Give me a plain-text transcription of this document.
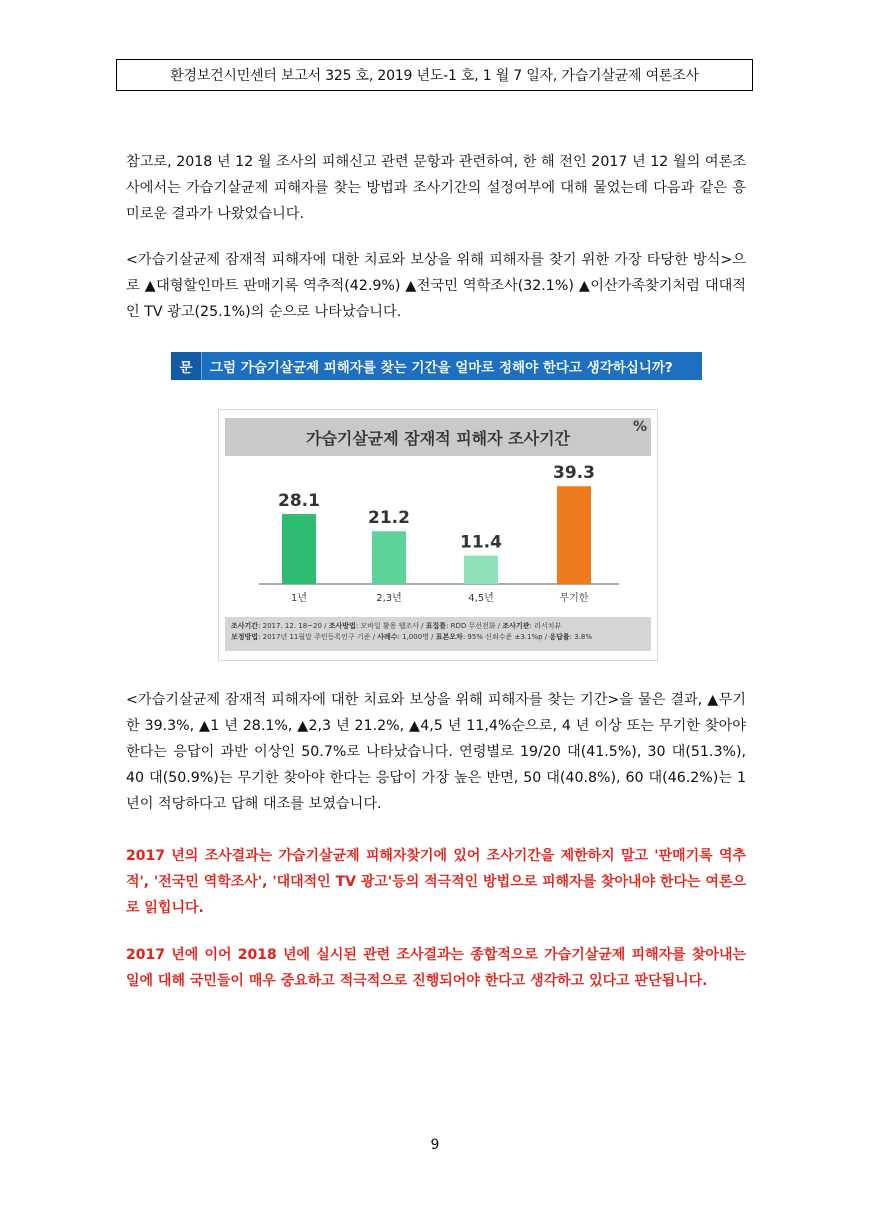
환경보건시민센터 보고서 325 호, 2019 년도-1 호, 1 월 7 일자, 가습기살균제 여론조사

참고로, 2018 년 12 월 조사의 피해신고 관련 문항과 관련하여, 한 해 전인 2017 년 12 월의 여론조사에서는 가습기살균제 피해자를 찾는 방법과 조사기간의 설정여부에 대해 물었는데 다음과 같은 흥미로운 결과가 나왔었습니다.

<가습기살균제 잠재적 피해자에 대한 치료와 보상을 위해 피해자를 찾기 위한 가장 타당한 방식>으로 ▲대형할인마트 판매기록 역추적(42.9%) ▲전국민 역학조사(32.1%) ▲이산가족찾기처럼 대대적인 TV 광고(25.1%)의 순으로 나타났습니다.

문	그럼 가습기살균제 피해자를 찾는 기간을 얼마로 정해야 한다고 생각하십니까?
가습기살균제 잠재적 피해자 조사기간
%
28.1
1년
21.2
2,3년
11.4
4,5년
39.3
무기한
조사기간: 2017. 12. 18~20 / 조사방법: 모바일 활용 웹조사 / 표집틀: RDD 무선전화 / 조사기관: 리서치뷰
보정방법: 2017년 11월말 주민등록인구 기준 / 사례수: 1,000명 / 표본오차: 95% 신뢰수준 ±3.1%p / 응답률: 3.8%

<가습기살균제 잠재적 피해자에 대한 치료와 보상을 위해 피해자를 찾는 기간>을 물은 결과, ▲무기한 39.3%, ▲1 년 28.1%, ▲2,3 년 21.2%, ▲4,5 년 11,4%순으로, 4 년 이상 또는 무기한 찾아야 한다는 응답이 과반 이상인 50.7%로 나타났습니다. 연령별로 19/20 대(41.5%), 30 대(51.3%), 40 대(50.9%)는 무기한 찾아야 한다는 응답이 가장 높은 반면, 50 대(40.8%), 60 대(46.2%)는 1 년이 적당하다고 답해 대조를 보였습니다.

2017 년의 조사결과는 가습기살균제 피해자찾기에 있어 조사기간을 제한하지 말고 '판매기록 역추적', '전국민 역학조사', '대대적인 TV 광고'등의 적극적인 방법으로 피해자를 찾아내야 한다는 여론으로 읽힙니다.

2017 년에 이어 2018 년에 실시된 관련 조사결과는 종합적으로 가습기살균제 피해자를 찾아내는 일에 대해 국민들이 매우 중요하고 적극적으로 진행되어야 한다고 생각하고 있다고 판단됩니다.

9
